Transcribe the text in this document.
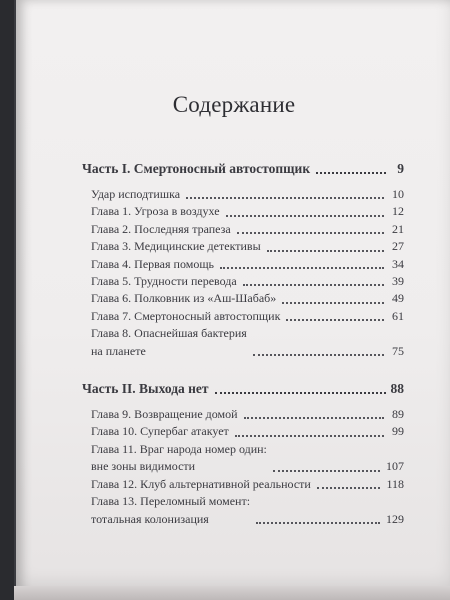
Содержание
Часть I. Смертоносный автостопщик	9
Удар исподтишка	10
Глава 1. Угроза в воздухе	12
Глава 2. Последняя трапеза	21
Глава 3. Медицинские детективы	27
Глава 4. Первая помощь	34
Глава 5. Трудности перевода	39
Глава 6. Полковник из «Аш-Шабаб»	49
Глава 7. Смертоносный автостопщик	61
Глава 8. Опаснейшая бактерия
на планете	75
Часть II. Выхода нет	88
Глава 9. Возвращение домой	89
Глава 10. Супербаг атакует	99
Глава 11. Враг народа номер один:
вне зоны видимости	107
Глава 12. Клуб альтернативной реальности	118
Глава 13. Переломный момент:
тотальная колонизация	129
